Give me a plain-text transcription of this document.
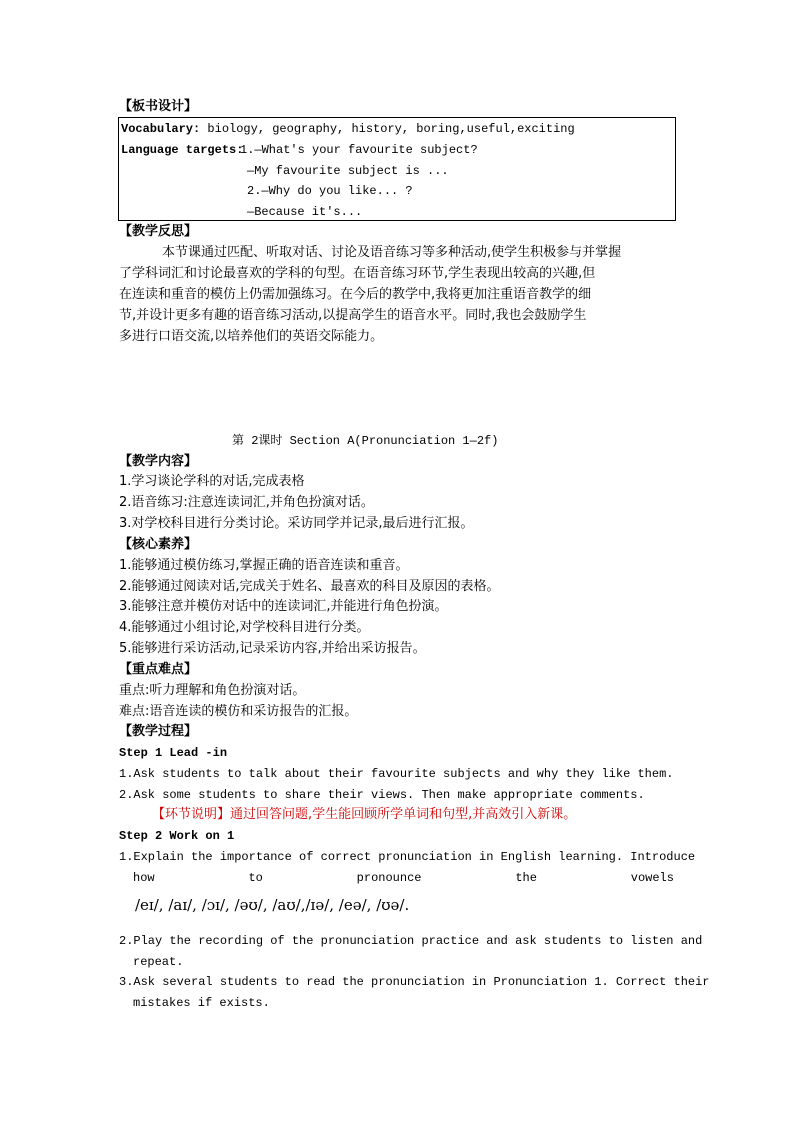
【板书设计】
Vocabulary: biology, geography, history, boring,useful,exciting
Language targets:
1.—What's your favourite subject?
—My favourite subject is ...
2.—Why do you like... ?
—Because it's...
【教学反思】
本节课通过匹配、听取对话、讨论及语音练习等多种活动,使学生积极参与并掌握
了学科词汇和讨论最喜欢的学科的句型。在语音练习环节,学生表现出较高的兴趣,但
在连读和重音的模仿上仍需加强练习。在今后的教学中,我将更加注重语音教学的细
节,并设计更多有趣的语音练习活动,以提高学生的语音水平。同时,我也会鼓励学生
多进行口语交流,以培养他们的英语交际能力。
第 2课时 Section A(Pronunciation 1—2f)
【教学内容】
1.学习谈论学科的对话,完成表格
2.语音练习:注意连读词汇,并角色扮演对话。
3.对学校科目进行分类讨论。采访同学并记录,最后进行汇报。
【核心素养】
1.能够通过模仿练习,掌握正确的语音连读和重音。
2.能够通过阅读对话,完成关于姓名、最喜欢的科目及原因的表格。
3.能够注意并模仿对话中的连读词汇,并能进行角色扮演。
4.能够通过小组讨论,对学校科目进行分类。
5.能够进行采访活动,记录采访内容,并给出采访报告。
【重点难点】
重点:听力理解和角色扮演对话。
难点:语音连读的模仿和采访报告的汇报。
【教学过程】
Step 1 Lead -in
1.Ask students to talk about their favourite subjects and why they like them.
2.Ask some students to share their views. Then make appropriate comments.
【环节说明】通过回答问题,学生能回顾所学单词和句型,并高效引入新课。
Step 2 Work on 1
1.Explain the importance of correct pronunciation in English learning. Introduce
how	to	pronounce	the	vowels
/eɪ/, /aɪ/, /ɔɪ/, /əʊ/, /aʊ/,/ɪə/, /eə/, /ʊə/.
2.Play the recording of the pronunciation practice and ask students to listen and
repeat.
3.Ask several students to read the pronunciation in Pronunciation 1. Correct their
mistakes if exists.
